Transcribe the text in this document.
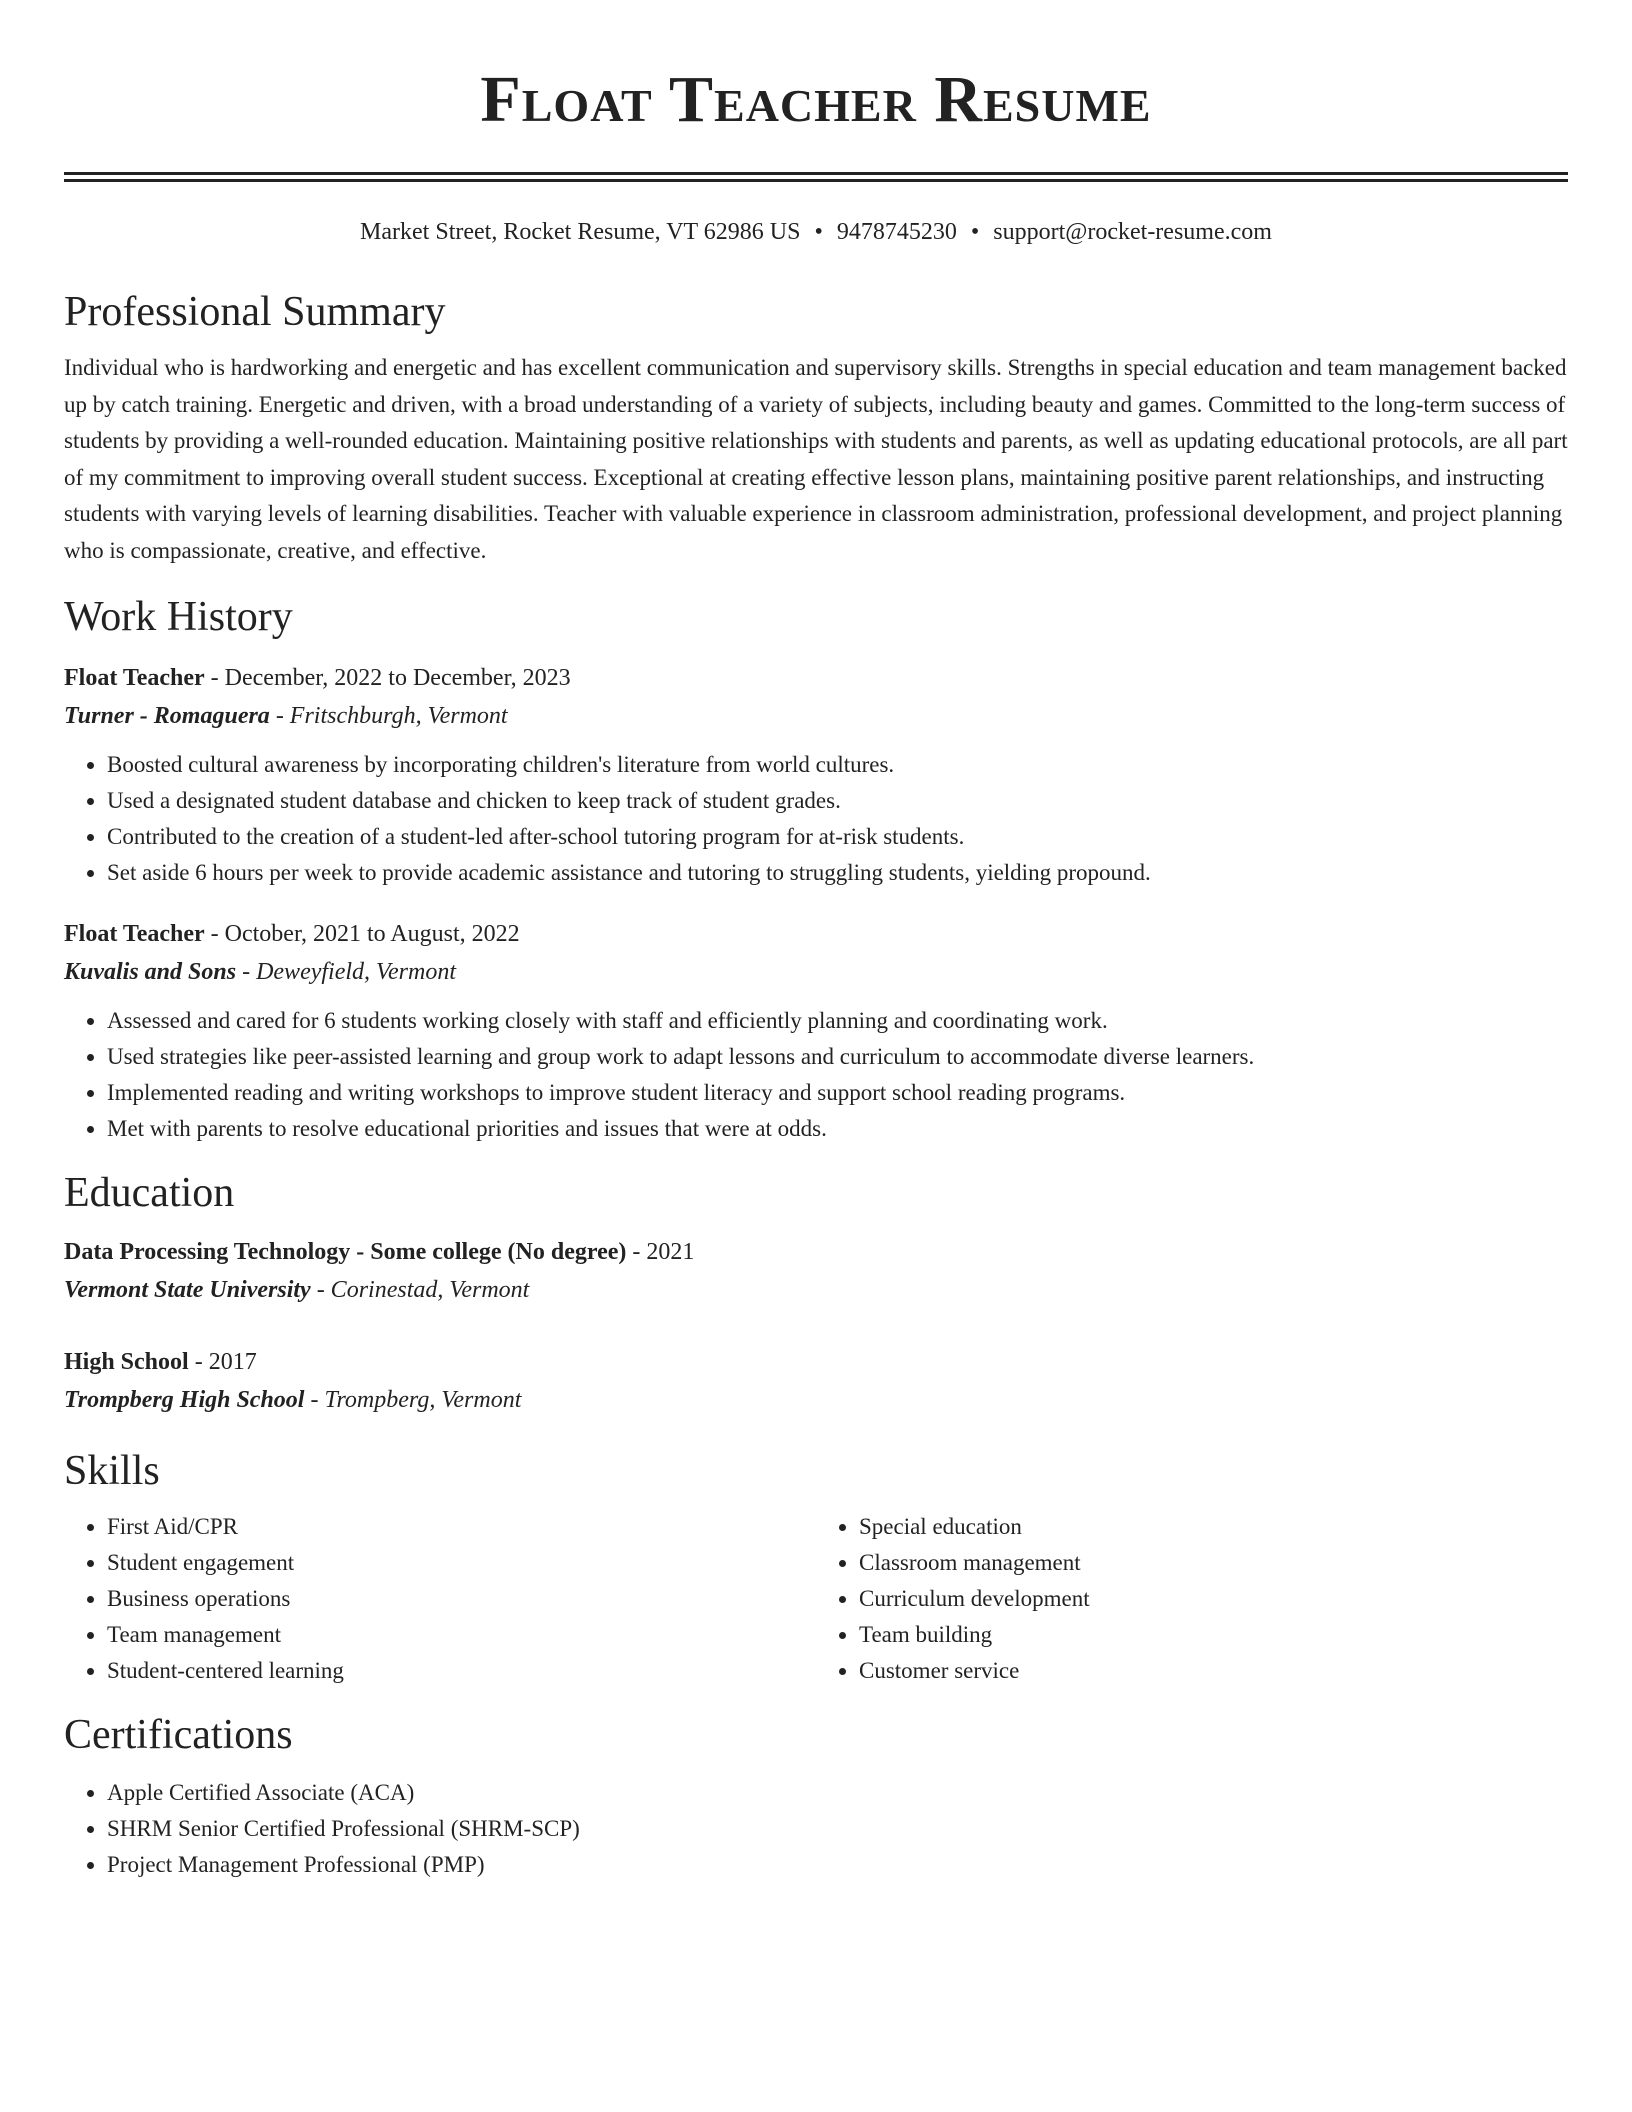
Float Teacher Resume
Market Street, Rocket Resume, VT 62986 US • 9478745230 • support@rocket-resume.com
Professional Summary

Individual who is hardworking and energetic and has excellent communication and supervisory skills. Strengths in special education and team management backed up by catch training. Energetic and driven, with a broad understanding of a variety of subjects, including beauty and games. Committed to the long-term success of students by providing a well-rounded education. Maintaining positive relationships with students and parents, as well as updating educational protocols, are all part of my commitment to improving overall student success. Exceptional at creating effective lesson plans, maintaining positive parent relationships, and instructing students with varying levels of learning disabilities. Teacher with valuable experience in classroom administration, professional development, and project planning who is compassionate, creative, and effective.

Work History
Float Teacher - December, 2022 to December, 2023
Turner - Romaguera - Fritschburgh, Vermont
• Boosted cultural awareness by incorporating children's literature from world cultures.
• Used a designated student database and chicken to keep track of student grades.
• Contributed to the creation of a student-led after-school tutoring program for at-risk students.
• Set aside 6 hours per week to provide academic assistance and tutoring to struggling students, yielding propound.
Float Teacher - October, 2021 to August, 2022
Kuvalis and Sons - Deweyfield, Vermont
• Assessed and cared for 6 students working closely with staff and efficiently planning and coordinating work.
• Used strategies like peer-assisted learning and group work to adapt lessons and curriculum to accommodate diverse learners.
• Implemented reading and writing workshops to improve student literacy and support school reading programs.
• Met with parents to resolve educational priorities and issues that were at odds.
Education
Data Processing Technology - Some college (No degree) - 2021
Vermont State University - Corinestad, Vermont
High School - 2017
Trompberg High School - Trompberg, Vermont
Skills
• First Aid/CPR
• Student engagement
• Business operations
• Team management
• Student-centered learning
• Special education
• Classroom management
• Curriculum development
• Team building
• Customer service
Certifications
• Apple Certified Associate (ACA)
• SHRM Senior Certified Professional (SHRM-SCP)
• Project Management Professional (PMP)
